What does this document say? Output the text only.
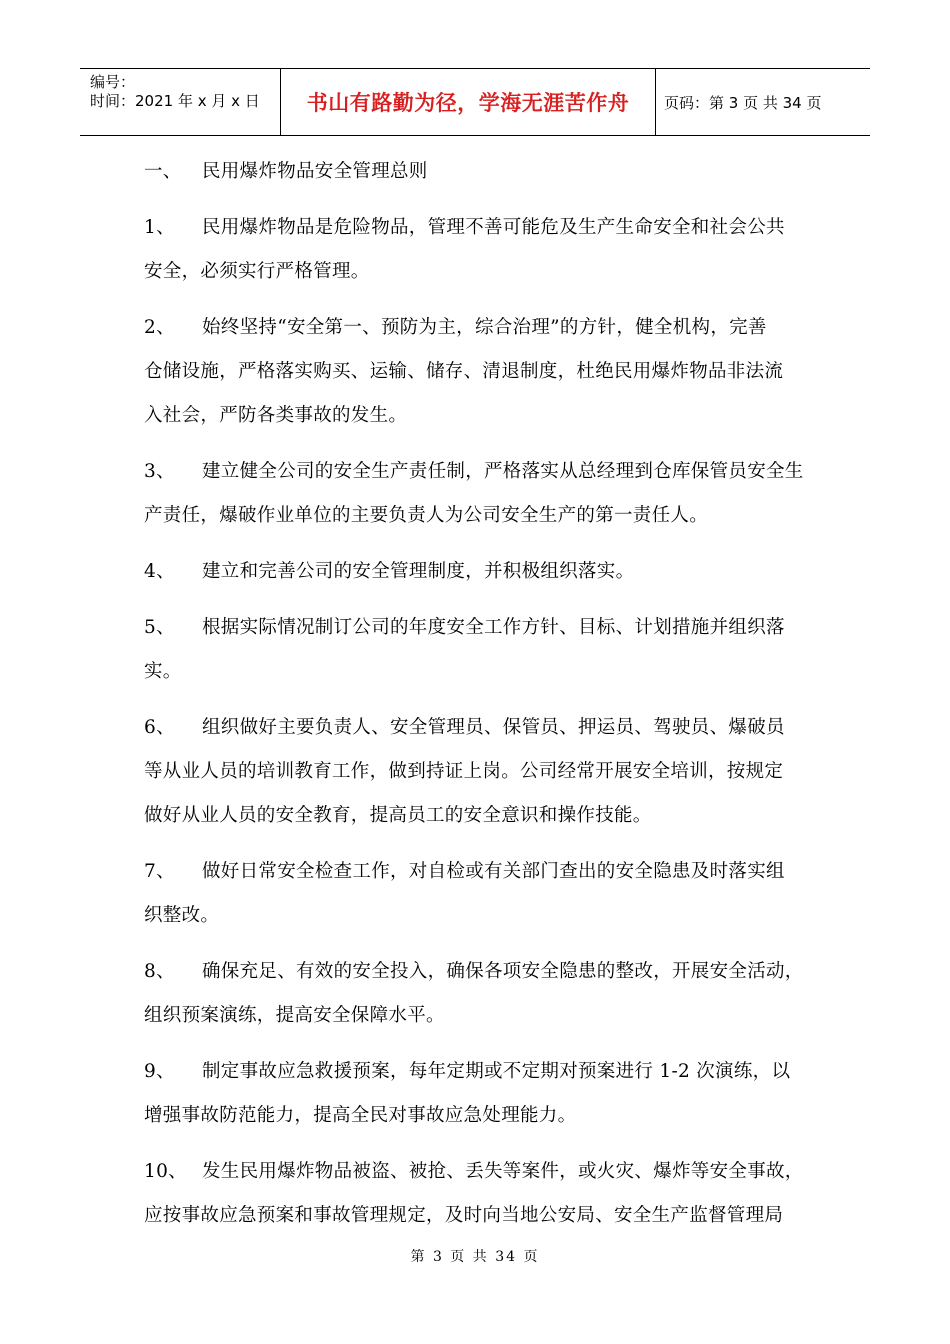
编号：
时间：2021 年 x 月 x 日	书山有路勤为径，学海无涯苦作舟	页码：第 3 页 共 34 页
一、 民用爆炸物品安全管理总则
1、 民用爆炸物品是危险物品，管理不善可能危及生产生命安全和社会公共
安全，必须实行严格管理。
2、 始终坚持“安全第一、预防为主，综合治理”的方针，健全机构，完善
仓储设施，严格落实购买、运输、储存、清退制度，杜绝民用爆炸物品非法流
入社会，严防各类事故的发生。
3、 建立健全公司的安全生产责任制，严格落实从总经理到仓库保管员安全生
产责任，爆破作业单位的主要负责人为公司安全生产的第一责任人。
4、 建立和完善公司的安全管理制度，并积极组织落实。
5、 根据实际情况制订公司的年度安全工作方针、目标、计划措施并组织落
实。
6、 组织做好主要负责人、安全管理员、保管员、押运员、驾驶员、爆破员
等从业人员的培训教育工作，做到持证上岗。公司经常开展安全培训，按规定
做好从业人员的安全教育，提高员工的安全意识和操作技能。
7、 做好日常安全检查工作，对自检或有关部门查出的安全隐患及时落实组
织整改。
8、 确保充足、有效的安全投入，确保各项安全隐患的整改，开展安全活动，
组织预案演练，提高安全保障水平。
9、 制定事故应急救援预案，每年定期或不定期对预案进行 1-2 次演练，以
增强事故防范能力，提高全民对事故应急处理能力。
10、 发生民用爆炸物品被盗、被抢、丢失等案件，或火灾、爆炸等安全事故，
应按事故应急预案和事故管理规定，及时向当地公安局、安全生产监督管理局
第 3 页 共 34 页
